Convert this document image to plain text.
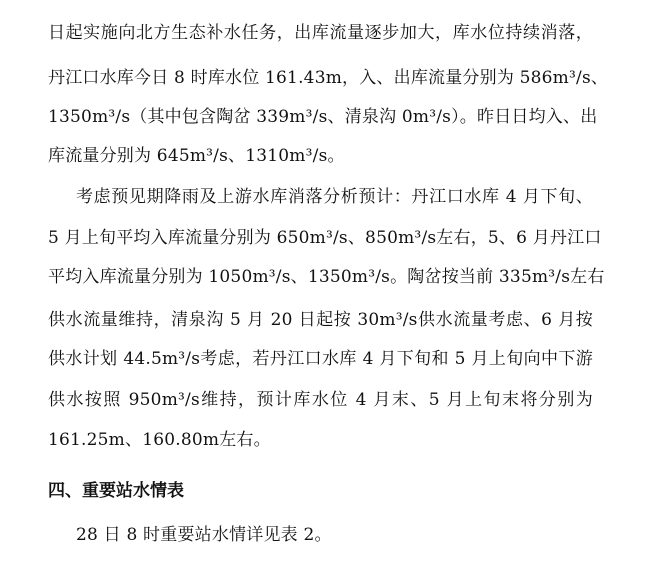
日起实施向北方生态补水任务，出库流量逐步加大，库水位持续消落，
丹江口水库今日 8 时库水位 161.43m，入、出库流量分别为 586m³/s、
1350m³/s（其中包含陶岔 339m³/s、清泉沟 0m³/s）。昨日日均入、出
库流量分别为 645m³/s、1310m³/s。
考虑预见期降雨及上游水库消落分析预计：丹江口水库 4 月下旬、
5 月上旬平均入库流量分别为 650m³/s、850m³/s左右，5、6 月丹江口
平均入库流量分别为 1050m³/s、1350m³/s。陶岔按当前 335m³/s左右
供水流量维持，清泉沟 5 月 20 日起按 30m³/s供水流量考虑、6 月按
供水计划 44.5m³/s考虑，若丹江口水库 4 月下旬和 5 月上旬向中下游
供水按照 950m³/s维持，预计库水位 4 月末、5 月上旬末将分别为
161.25m、160.80m左右。
四、重要站水情表
28 日 8 时重要站水情详见表 2。
